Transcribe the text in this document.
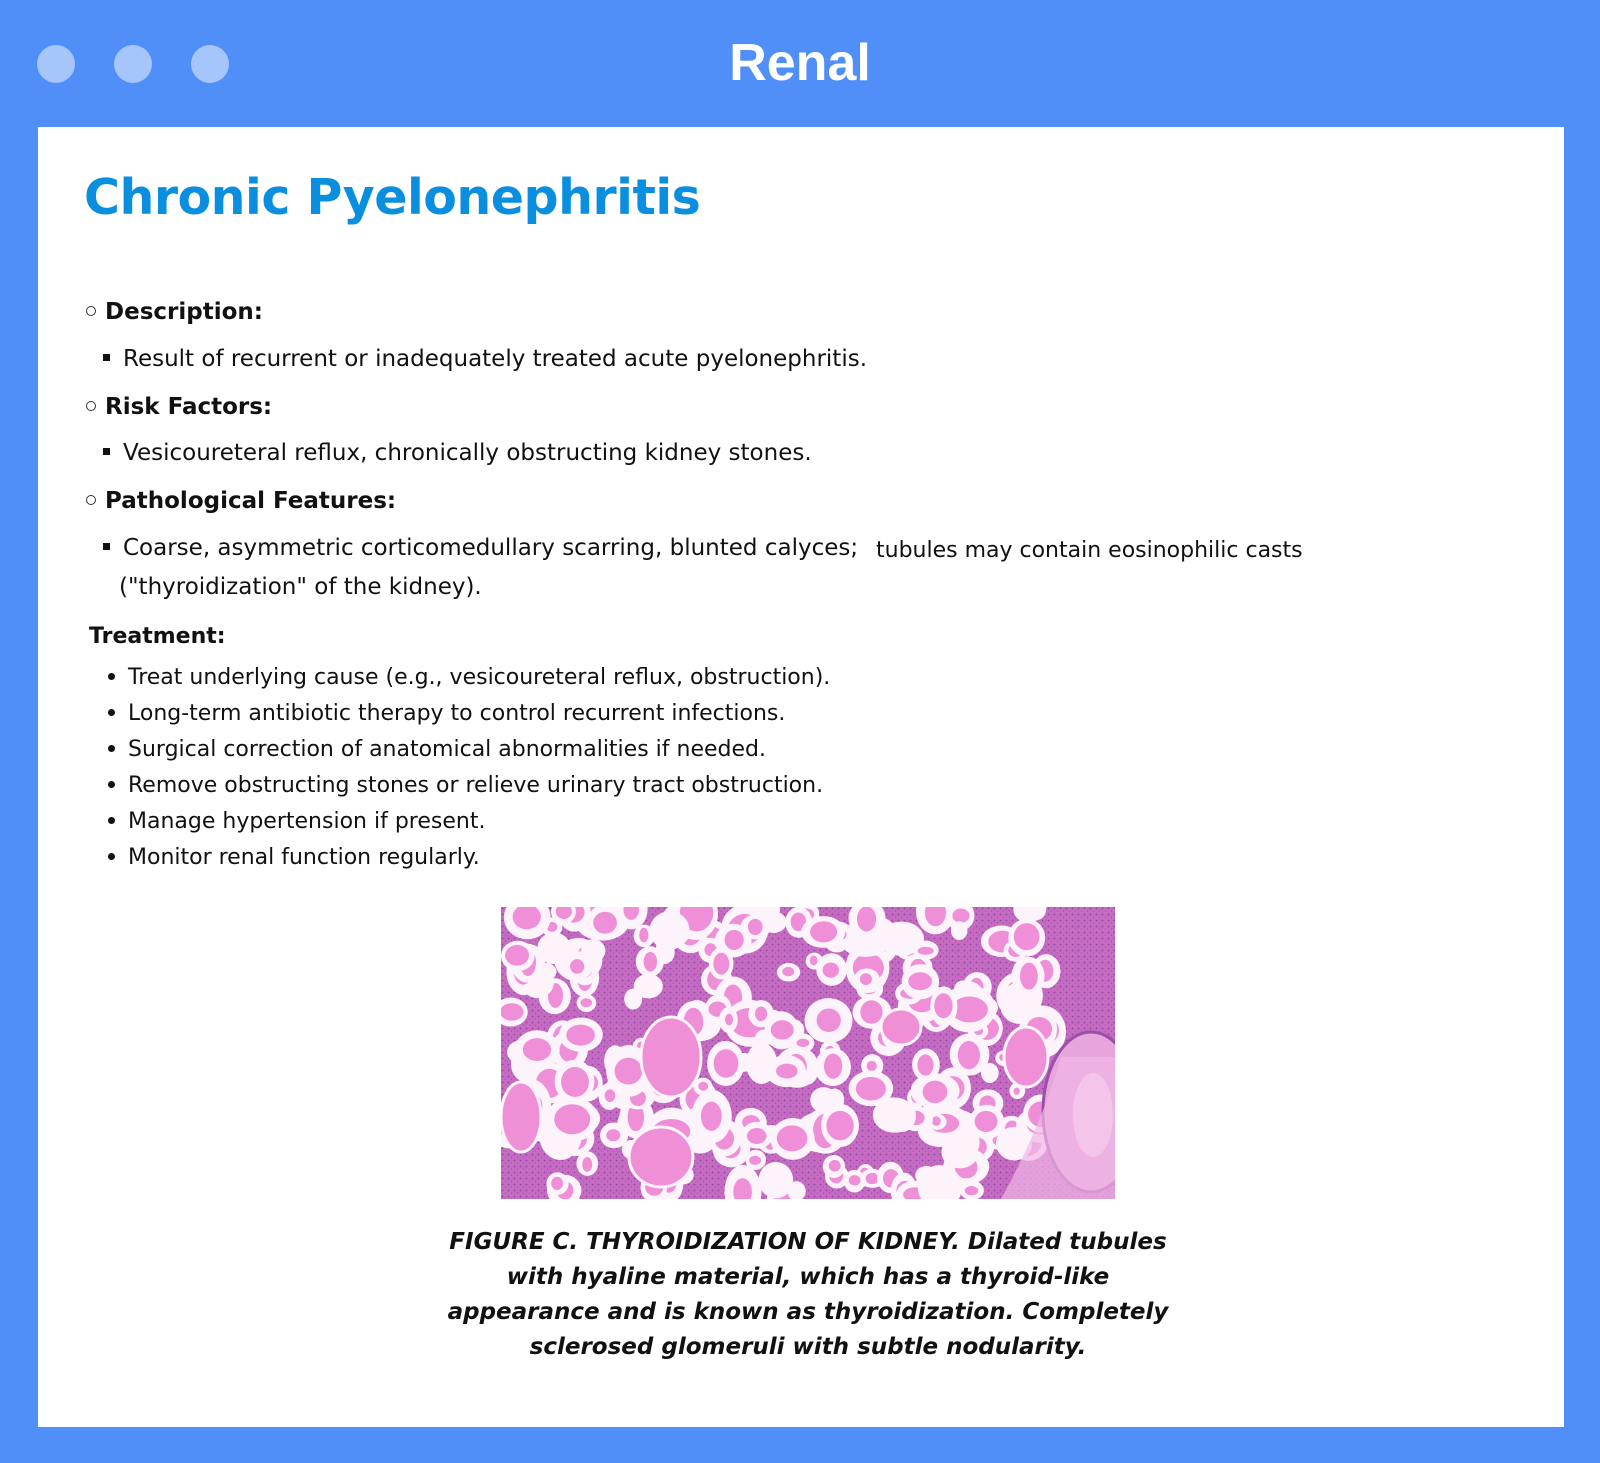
Renal
Chronic Pyelonephritis
Description:
Result of recurrent or inadequately treated acute pyelonephritis.
Risk Factors:
Vesicoureteral reflux, chronically obstructing kidney stones.
Pathological Features:
Coarse, asymmetric corticomedullary scarring, blunted calyces; tubules may contain eosinophilic casts
("thyroidization" of the kidney).
Treatment:
Treat underlying cause (e.g., vesicoureteral reflux, obstruction).
Long-term antibiotic therapy to control recurrent infections.
Surgical correction of anatomical abnormalities if needed.
Remove obstructing stones or relieve urinary tract obstruction.
Manage hypertension if present.
Monitor renal function regularly.
FIGURE C. THYROIDIZATION OF KIDNEY. Dilated tubules with hyaline material, which has a thyroid-like appearance and is known as thyroidization. Completely sclerosed glomeruli with subtle nodularity.
